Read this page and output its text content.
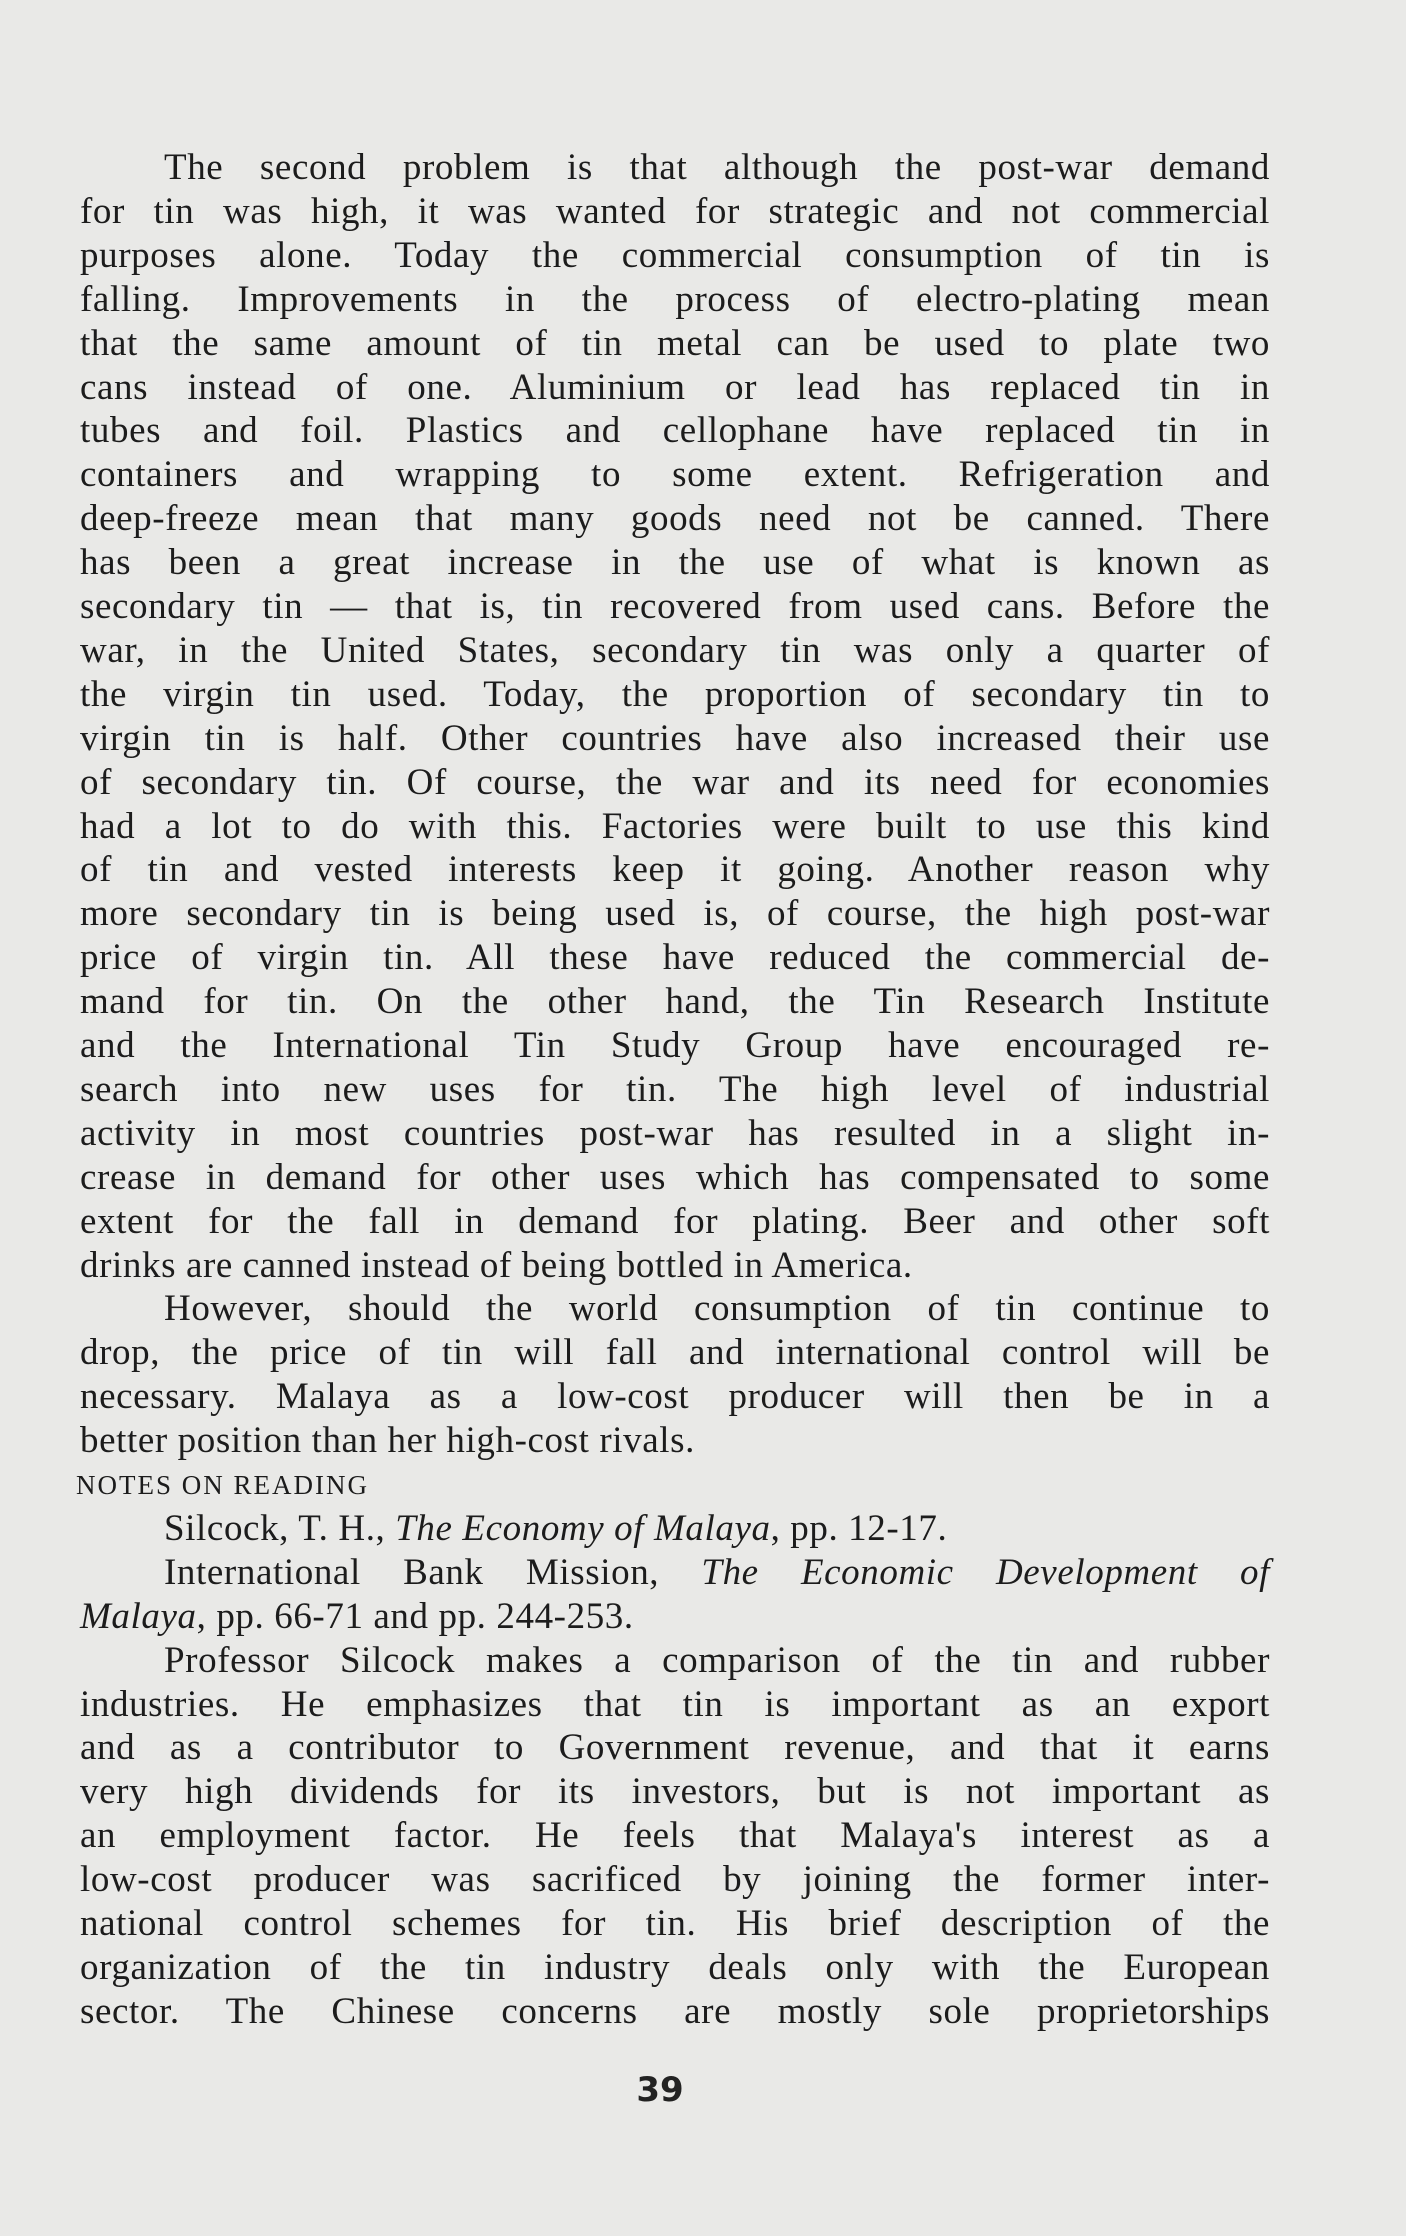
The second problem is that although the post-war demand
for tin was high, it was wanted for strategic and not commercial
purposes alone. Today the commercial consumption of tin is
falling. Improvements in the process of electro-plating mean
that the same amount of tin metal can be used to plate two
cans instead of one. Aluminium or lead has replaced tin in
tubes and foil. Plastics and cellophane have replaced tin in
containers and wrapping to some extent. Refrigeration and
deep-freeze mean that many goods need not be canned. There
has been a great increase in the use of what is known as
secondary tin — that is, tin recovered from used cans. Before the
war, in the United States, secondary tin was only a quarter of
the virgin tin used. Today, the proportion of secondary tin to
virgin tin is half. Other countries have also increased their use
of secondary tin. Of course, the war and its need for economies
had a lot to do with this. Factories were built to use this kind
of tin and vested interests keep it going. Another reason why
more secondary tin is being used is, of course, the high post-war
price of virgin tin. All these have reduced the commercial de-
mand for tin. On the other hand, the Tin Research Institute
and the International Tin Study Group have encouraged re-
search into new uses for tin. The high level of industrial
activity in most countries post-war has resulted in a slight in-
crease in demand for other uses which has compensated to some
extent for the fall in demand for plating. Beer and other soft
drinks are canned instead of being bottled in America.
However, should the world consumption of tin continue to
drop, the price of tin will fall and international control will be
necessary. Malaya as a low-cost producer will then be in a
better position than her high-cost rivals.
NOTES ON READING
Silcock, T. H., The Economy of Malaya, pp. 12-17.
International Bank Mission, The Economic Development of
Malaya, pp. 66-71 and pp. 244-253.
Professor Silcock makes a comparison of the tin and rubber
industries. He emphasizes that tin is important as an export
and as a contributor to Government revenue, and that it earns
very high dividends for its investors, but is not important as
an employment factor. He feels that Malaya's interest as a
low-cost producer was sacrificed by joining the former inter-
national control schemes for tin. His brief description of the
organization of the tin industry deals only with the European
sector. The Chinese concerns are mostly sole proprietorships
39
